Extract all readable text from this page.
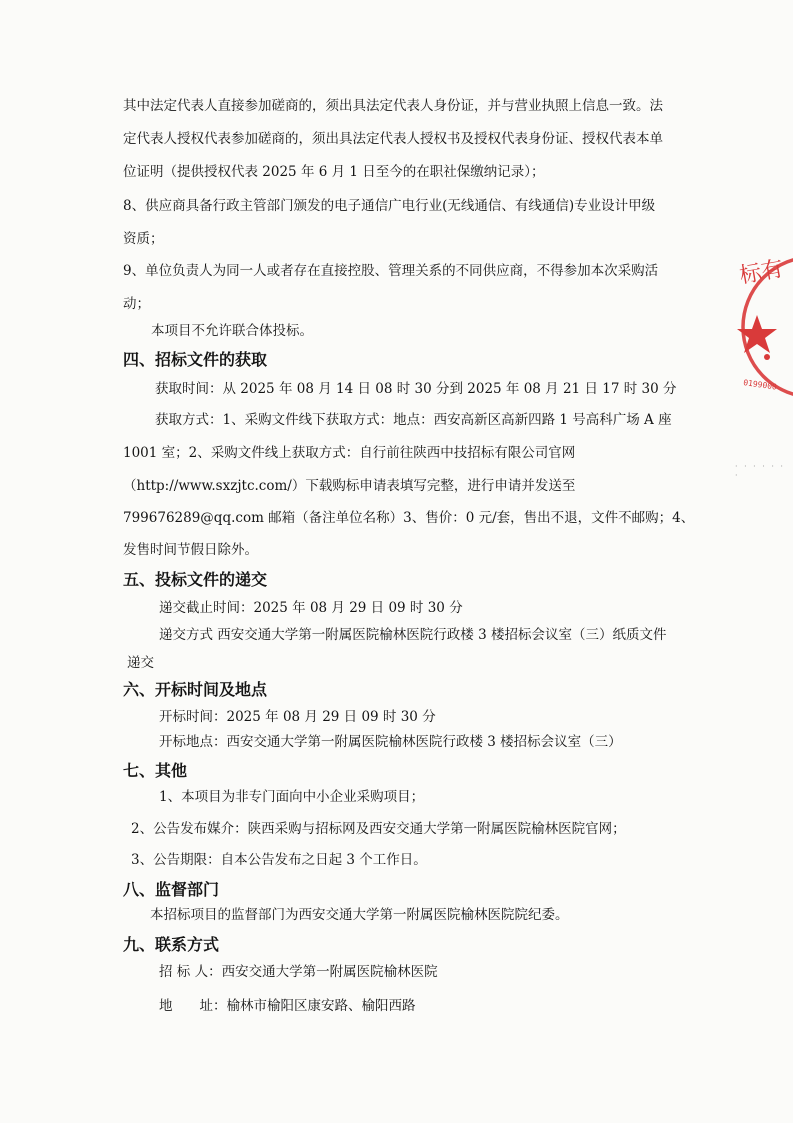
其中法定代表人直接参加磋商的，须出具法定代表人身份证，并与营业执照上信息一致。法
定代表人授权代表参加磋商的，须出具法定代表人授权书及授权代表身份证、授权代表本单
位证明（提供授权代表 2025 年 6 月 1 日至今的在职社保缴纳记录）；
8、供应商具备行政主管部门颁发的电子通信广电行业(无线通信、有线通信)专业设计甲级
资质；
9、单位负责人为同一人或者存在直接控股、管理关系的不同供应商，不得参加本次采购活
动；
本项目不允许联合体投标。
四、招标文件的获取
获取时间：从 2025 年 08 月 14 日 08 时 30 分到 2025 年 08 月 21 日 17 时 30 分
获取方式：1、采购文件线下获取方式：地点：西安高新区高新四路 1 号高科广场 A 座
1001 室；2、采购文件线上获取方式：自行前往陕西中技招标有限公司官网
（http://www.sxzjtc.com/）下载购标申请表填写完整，进行申请并发送至
799676289@qq.com 邮箱（备注单位名称）3、售价：0 元/套，售出不退，文件不邮购；4、
发售时间节假日除外。
五、投标文件的递交
递交截止时间：2025 年 08 月 29 日 09 时 30 分
递交方式 西安交通大学第一附属医院榆林医院行政楼 3 楼招标会议室（三）纸质文件
递交
六、开标时间及地点
开标时间：2025 年 08 月 29 日 09 时 30 分
开标地点：西安交通大学第一附属医院榆林医院行政楼 3 楼招标会议室（三）
七、其他
1、本项目为非专门面向中小企业采购项目；
2、公告发布媒介：陕西采购与招标网及西安交通大学第一附属医院榆林医院官网；
3、公告期限：自本公告发布之日起 3 个工作日。
八、监督部门
本招标项目的监督部门为西安交通大学第一附属医院榆林医院院纪委。
九、联系方式
招 标 人：西安交通大学第一附属医院榆林医院
地　　址：榆林市榆阳区康安路、榆阳西路
标有
0199000
· · · · · · ·
